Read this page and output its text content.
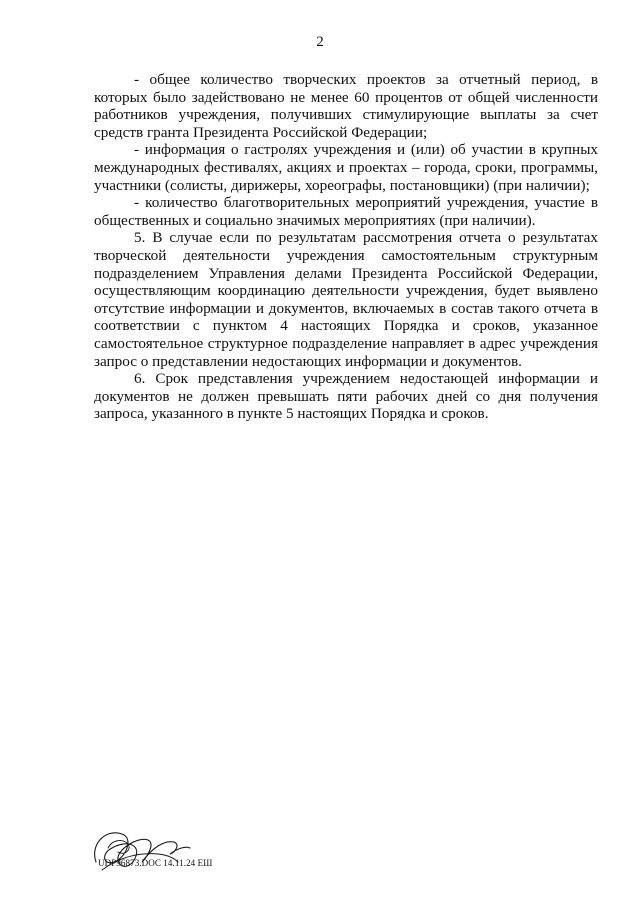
2

- общее количество творческих проектов за отчетный период, в которых было задействовано не менее 60 процентов от общей численности работников учреждения, получивших стимулирующие выплаты за счет средств гранта Президента Российской Федерации;

- информация о гастролях учреждения и (или) об участии в крупных международных фестивалях, акциях и проектах – города, сроки, программы, участники (солисты, дирижеры, хореографы, постановщики) (при наличии);

- количество благотворительных мероприятий учреждения, участие в общественных и социально значимых мероприятиях (при наличии).

5. В случае если по результатам рассмотрения отчета о результатах творческой деятельности учреждения самостоятельным структурным подразделением Управления делами Президента Российской Федерации, осуществляющим координацию деятельности учреждения, будет выявлено отсутствие информации и документов, включаемых в состав такого отчета в соответствии с пунктом 4 настоящих Порядка и сроков, указанное самостоятельное структурное подразделение направляет в адрес учреждения запрос о представлении недостающих информации и документов.

6. Срок представления учреждением недостающей информации и документов не должен превышать пяти рабочих дней со дня получения запроса, указанного в пункте 5 настоящих Порядка и сроков.

UDP96873.DOC 14.11.24 ЕШ
